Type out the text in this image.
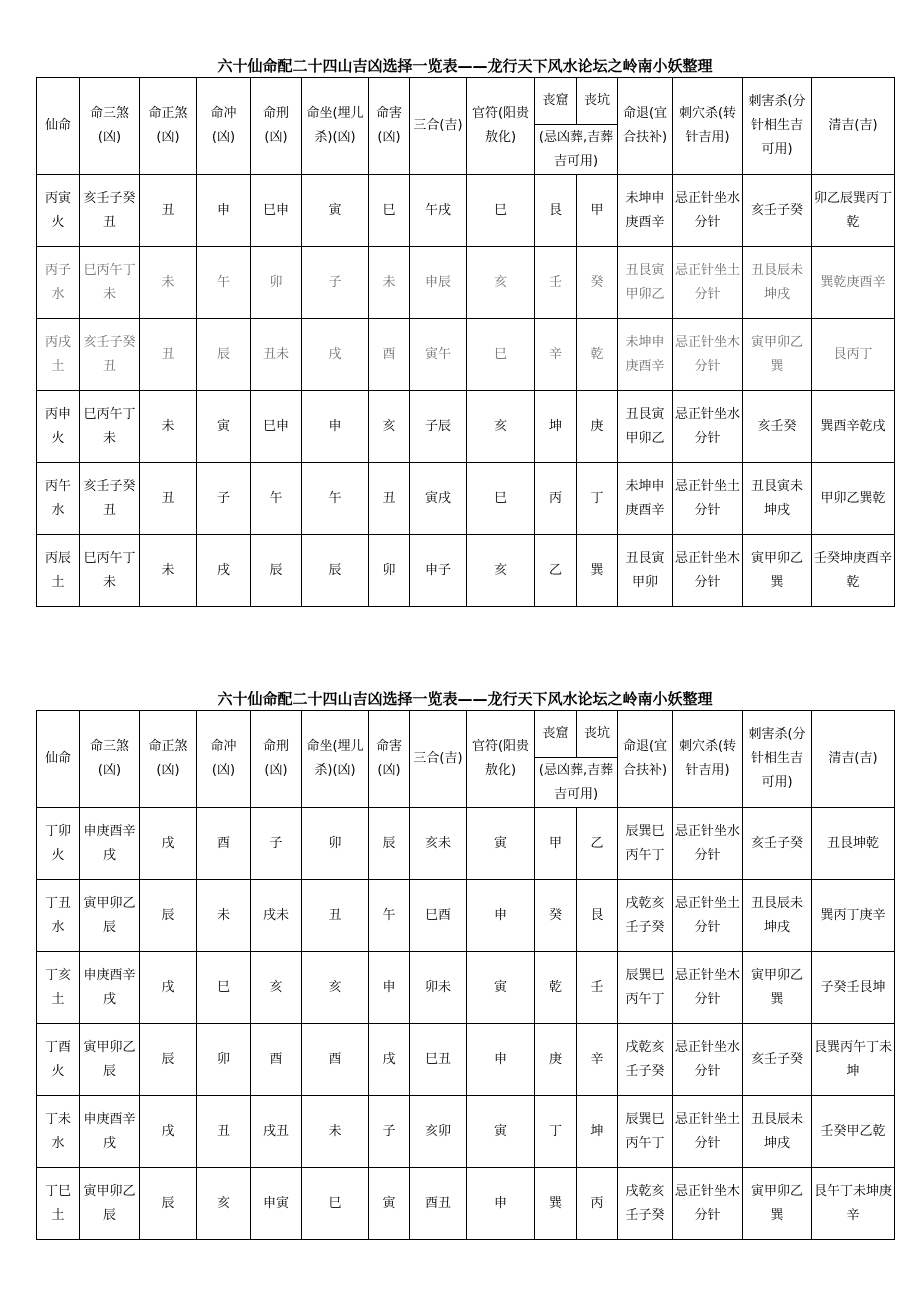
六十仙命配二十四山吉凶选择一览表——龙行天下风水论坛之岭南小妖整理
仙命	命三煞(凶)	命正煞(凶)	命冲(凶)	命刑(凶)	命坐(埋儿杀)(凶)	命害(凶)	三合(吉)	官符(阳贵敖化)	丧窟	丧坑	命退(宜合扶补)	刺穴杀(转针吉用)	刺害杀(分针相生吉可用)	清吉(吉)
									(忌凶葬,吉葬吉可用)					
丙寅火	亥壬子癸丑	丑	申	巳申	寅	巳	午戌	巳	艮	甲	未坤申庚酉辛	忌正针坐水分针	亥壬子癸	卯乙辰巽丙丁乾
丙子水	巳丙午丁未	未	午	卯	子	未	申辰	亥	壬	癸	丑艮寅甲卯乙	忌正针坐土分针	丑艮辰未坤戌	巽乾庚酉辛
丙戌土	亥壬子癸丑	丑	辰	丑未	戌	酉	寅午	巳	辛	乾	未坤申庚酉辛	忌正针坐木分针	寅甲卯乙巽	艮丙丁
丙申火	巳丙午丁未	未	寅	巳申	申	亥	子辰	亥	坤	庚	丑艮寅甲卯乙	忌正针坐水分针	亥壬癸	巽酉辛乾戌
丙午水	亥壬子癸丑	丑	子	午	午	丑	寅戌	巳	丙	丁	未坤申庚酉辛	忌正针坐土分针	丑艮寅未坤戌	甲卯乙巽乾
丙辰土	巳丙午丁未	未	戌	辰	辰	卯	申子	亥	乙	巽	丑艮寅甲卯	忌正针坐木分针	寅甲卯乙巽	壬癸坤庚酉辛乾
六十仙命配二十四山吉凶选择一览表——龙行天下风水论坛之岭南小妖整理
仙命	命三煞(凶)	命正煞(凶)	命冲(凶)	命刑(凶)	命坐(埋儿杀)(凶)	命害(凶)	三合(吉)	官符(阳贵敖化)	丧窟	丧坑	命退(宜合扶补)	刺穴杀(转针吉用)	刺害杀(分针相生吉可用)	清吉(吉)
									(忌凶葬,吉葬吉可用)					
丁卯火	申庚酉辛戌	戌	酉	子	卯	辰	亥未	寅	甲	乙	辰巽巳丙午丁	忌正针坐水分针	亥壬子癸	丑艮坤乾
丁丑水	寅甲卯乙辰	辰	未	戌未	丑	午	巳酉	申	癸	艮	戌乾亥壬子癸	忌正针坐土分针	丑艮辰未坤戌	巽丙丁庚辛
丁亥土	申庚酉辛戌	戌	巳	亥	亥	申	卯未	寅	乾	壬	辰巽巳丙午丁	忌正针坐木分针	寅甲卯乙巽	子癸壬艮坤
丁酉火	寅甲卯乙辰	辰	卯	酉	酉	戌	巳丑	申	庚	辛	戌乾亥壬子癸	忌正针坐水分针	亥壬子癸	艮巽丙午丁未坤
丁未水	申庚酉辛戌	戌	丑	戌丑	未	子	亥卯	寅	丁	坤	辰巽巳丙午丁	忌正针坐土分针	丑艮辰未坤戌	壬癸甲乙乾
丁巳土	寅甲卯乙辰	辰	亥	申寅	巳	寅	酉丑	申	巽	丙	戌乾亥壬子癸	忌正针坐木分针	寅甲卯乙巽	艮午丁未坤庚辛
